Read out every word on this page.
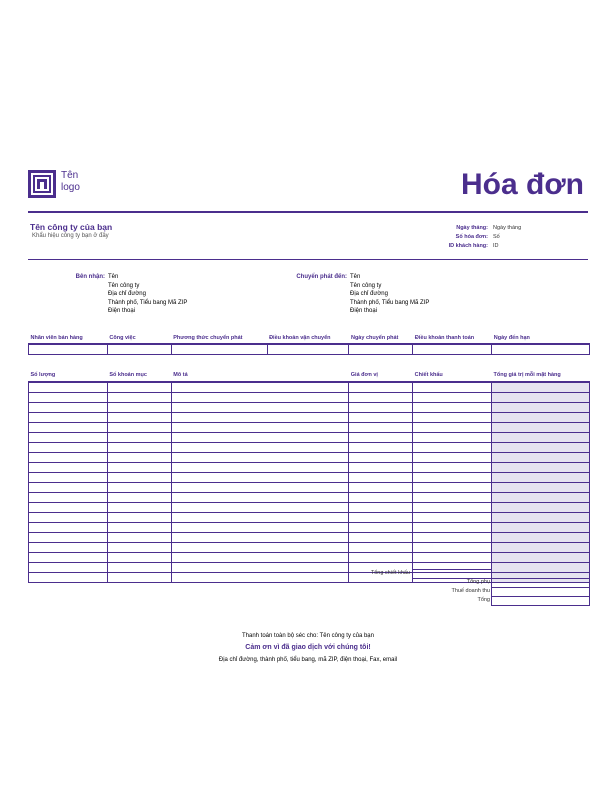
Tên
logo	Hóa đơn
Tên công ty của bạn
Khẩu hiệu công ty bạn ở đây
Ngày tháng: Ngày tháng
Số hóa đơn: Số
ID khách hàng: ID
Bên nhận: Tên
Tên công ty
Địa chỉ đường
Thành phố, Tiểu bang Mã ZIP
Điện thoại
Chuyển phát đến: Tên
Tên công ty
Địa chỉ đường
Thành phố, Tiểu bang Mã ZIP
Điện thoại
Nhân viên bán hàng	Công việc	Phương thức chuyển phát	Điều khoản vận chuyển	Ngày chuyển phát	Điều khoản thanh toán	Ngày đến hạn

Số lượng	Số khoản mục	Mô tả	Giá đơn vị	Chiết khấu	Tổng giá trị mỗi mặt hàng

Tổng chiết khấu
Tổng phụ
Thuế doanh thu
Tổng
Thanh toán toàn bộ séc cho: Tên công ty của bạn
Cảm ơn vì đã giao dịch với chúng tôi!
Địa chỉ đường, thành phố, tiểu bang, mã ZIP, điện thoại, Fax, email
